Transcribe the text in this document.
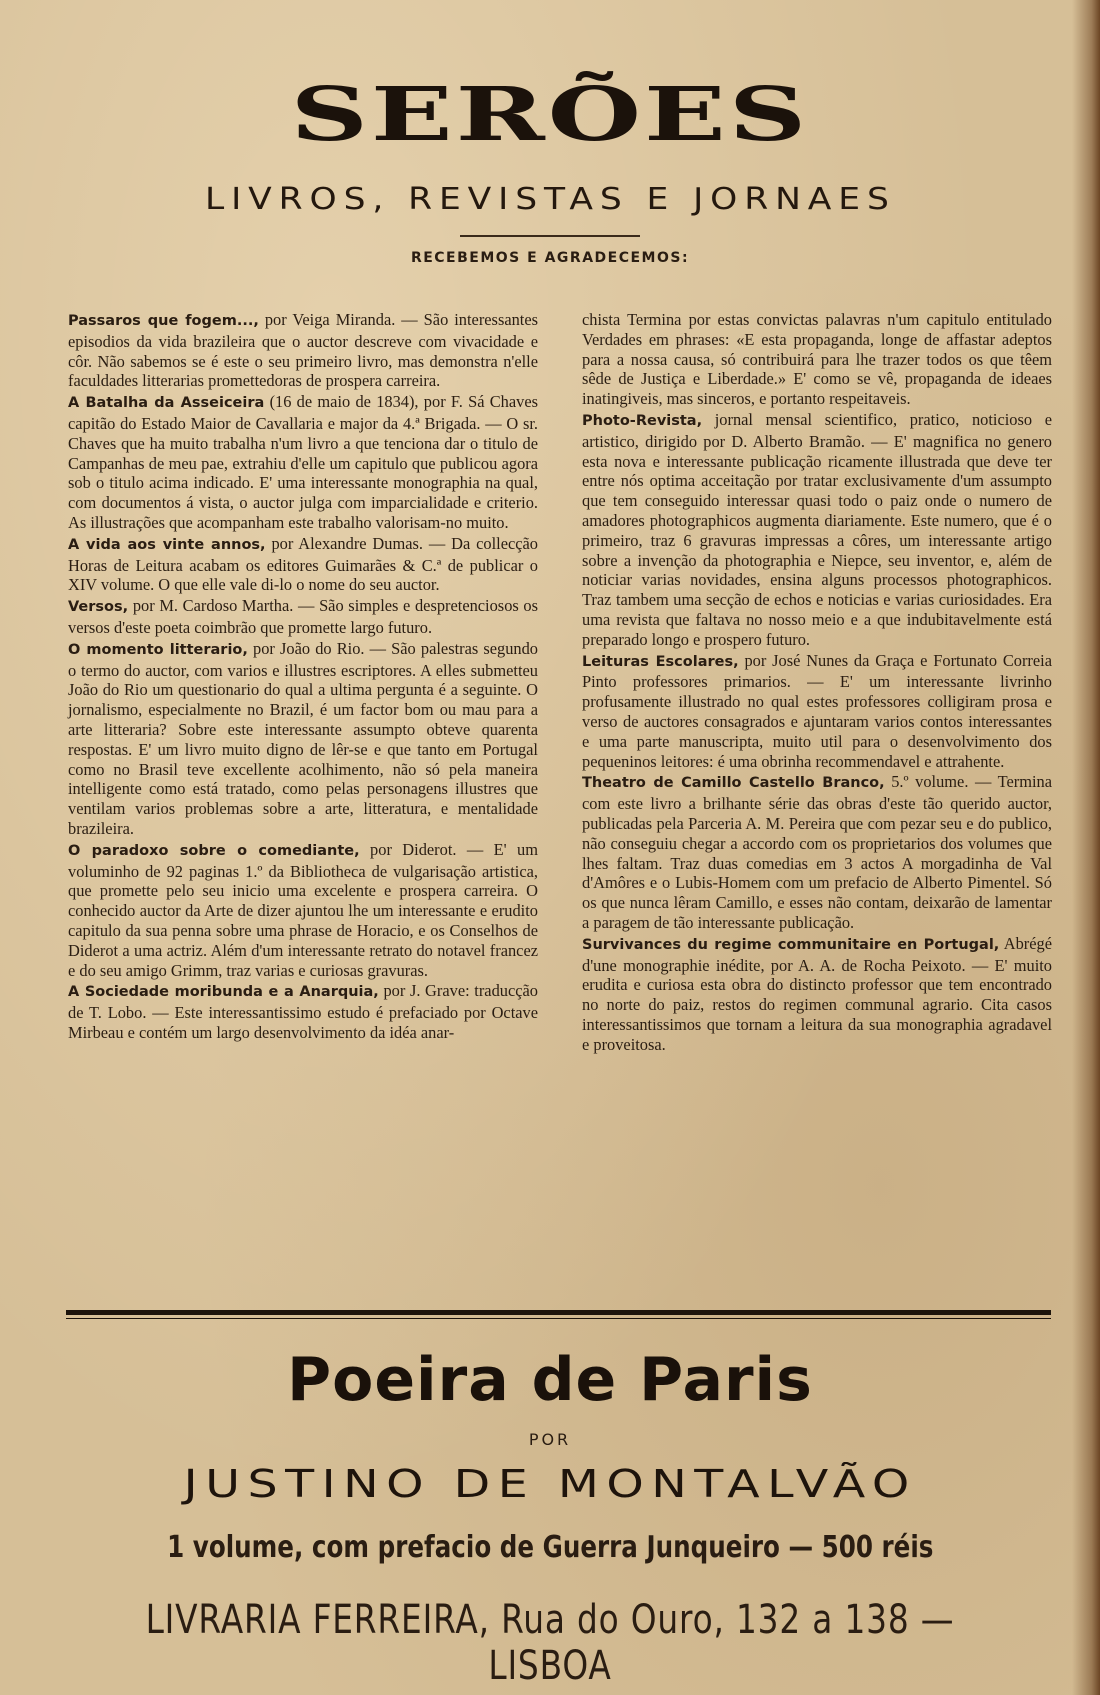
SERÕES
LIVROS, REVISTAS E JORNAES
RECEBEMOS E AGRADECEMOS:

Passaros que fogem..., por Veiga Miranda. — São interessantes episodios da vida brazileira que o auctor descreve com vivacidade e côr. Não sabemos se é este o seu primeiro livro, mas demonstra n'elle faculdades litterarias promettedoras de prospera carreira.

A Batalha da Asseiceira (16 de maio de 1834), por F. Sá Chaves capitão do Estado Maior de Cavallaria e major da 4.ª Brigada. — O sr. Chaves que ha muito trabalha n'um livro a que tenciona dar o titulo de Campanhas de meu pae, extrahiu d'elle um capitulo que publicou agora sob o titulo acima indicado. E' uma interessante monographia na qual, com documentos á vista, o auctor julga com imparcialidade e criterio. As illustrações que acompanham este trabalho valorisam-no muito.

A vida aos vinte annos, por Alexandre Dumas. — Da collecção Horas de Leitura acabam os editores Guimarães & C.ª de publicar o XIV volume. O que elle vale di-lo o nome do seu auctor.

Versos, por M. Cardoso Martha. — São simples e despretenciosos os versos d'este poeta coimbrão que promette largo futuro.

O momento litterario, por João do Rio. — São palestras segundo o termo do auctor, com varios e illustres escriptores. A elles submetteu João do Rio um questionario do qual a ultima pergunta é a seguinte. O jornalismo, especialmente no Brazil, é um factor bom ou mau para a arte litteraria? Sobre este interessante assumpto obteve quarenta respostas. E' um livro muito digno de lêr-se e que tanto em Portugal como no Brasil teve excellente acolhimento, não só pela maneira intelligente como está tratado, como pelas personagens illustres que ventilam varios problemas sobre a arte, litteratura, e mentalidade brazileira.

O paradoxo sobre o comediante, por Diderot. — E' um voluminho de 92 paginas 1.º da Bibliotheca de vulgarisação artistica, que promette pelo seu inicio uma excelente e prospera carreira. O conhecido auctor da Arte de dizer ajuntou lhe um interessante e erudito capitulo da sua penna sobre uma phrase de Horacio, e os Conselhos de Diderot a uma actriz. Além d'um interessante retrato do notavel francez e do seu amigo Grimm, traz varias e curiosas gravuras.

A Sociedade moribunda e a Anarquia, por J. Grave: traducção de T. Lobo. — Este interessantissimo estudo é prefaciado por Octave Mirbeau e contém um largo desenvolvimento da idéa anar-

chista Termina por estas convictas palavras n'um capitulo entitulado Verdades em phrases: «E esta propaganda, longe de affastar adeptos para a nossa causa, só contribuirá para lhe trazer todos os que têem sêde de Justiça e Liberdade.» E' como se vê, propaganda de ideaes inatingiveis, mas sinceros, e portanto respeitaveis.

Photo-Revista, jornal mensal scientifico, pratico, noticioso e artistico, dirigido por D. Alberto Bramão. — E' magnifica no genero esta nova e interessante publicação ricamente illustrada que deve ter entre nós optima acceitação por tratar exclusivamente d'um assumpto que tem conseguido interessar quasi todo o paiz onde o numero de amadores photographicos augmenta diariamente. Este numero, que é o primeiro, traz 6 gravuras impressas a côres, um interessante artigo sobre a invenção da photographia e Niepce, seu inventor, e, além de noticiar varias novidades, ensina alguns processos photographicos. Traz tambem uma secção de echos e noticias e varias curiosidades. Era uma revista que faltava no nosso meio e a que indubitavelmente está preparado longo e prospero futuro.

Leituras Escolares, por José Nunes da Graça e Fortunato Correia Pinto professores primarios. — E' um interessante livrinho profusamente illustrado no qual estes professores colligiram prosa e verso de auctores consagrados e ajuntaram varios contos interessantes e uma parte manuscripta, muito util para o desenvolvimento dos pequeninos leitores: é uma obrinha recommendavel e attrahente.

Theatro de Camillo Castello Branco, 5.º volume. — Termina com este livro a brilhante série das obras d'este tão querido auctor, publicadas pela Parceria A. M. Pereira que com pezar seu e do publico, não conseguiu chegar a accordo com os proprietarios dos volumes que lhes faltam. Traz duas comedias em 3 actos A morgadinha de Val d'Amôres e o Lubis-Homem com um prefacio de Alberto Pimentel. Só os que nunca lêram Camillo, e esses não contam, deixarão de lamentar a paragem de tão interessante publicação.

Survivances du regime communitaire en Portugal, Abrégé d'une monographie inédite, por A. A. de Rocha Peixoto. — E' muito erudita e curiosa esta obra do distincto professor que tem encontrado no norte do paiz, restos do regimen communal agrario. Cita casos interessantissimos que tornam a leitura da sua monographia agradavel e proveitosa.

Poeira de Paris
POR
JUSTINO DE MONTALVÃO
1 volume, com prefacio de Guerra Junqueiro — 500 réis
LIVRARIA FERREIRA, Rua do Ouro, 132 a 138 — LISBOA
